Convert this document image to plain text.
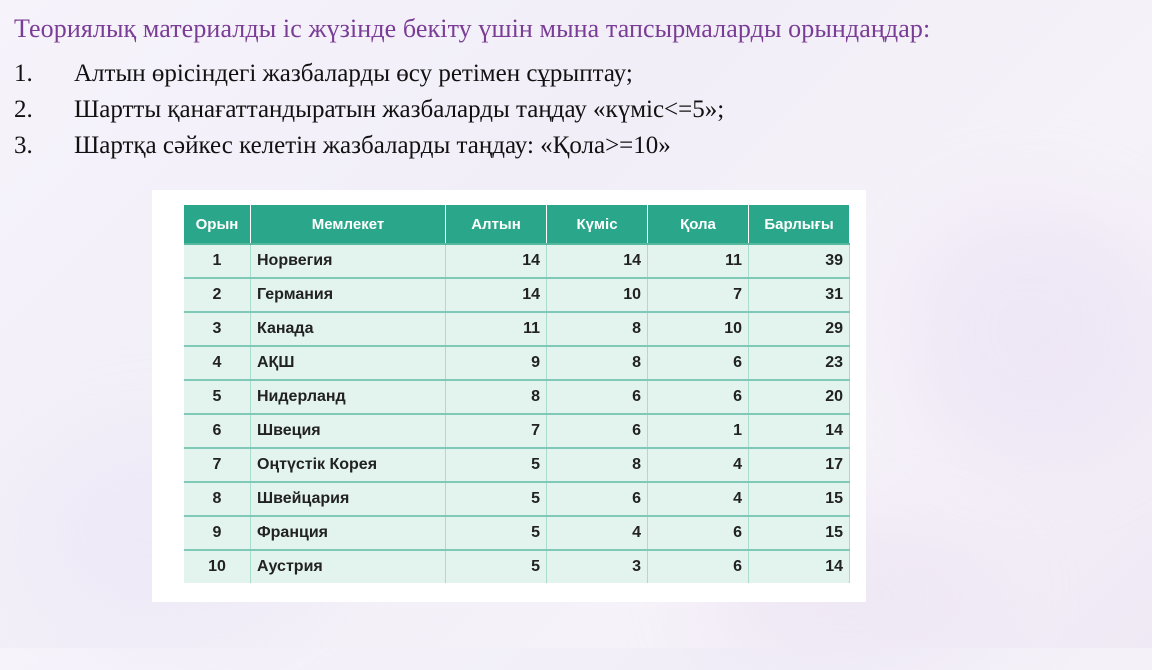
Теориялық материалды іс жүзінде бекіту үшін мына тапсырмаларды орындаңдар:
1. Алтын өрісіндегі жазбаларды өсу ретімен сұрыптау;
2. Шартты қанағаттандыратын жазбаларды таңдау «күміс<=5»;
3. Шартқа сәйкес келетін жазбаларды таңдау: «Қола>=10»
Орын	Мемлекет	Алтын	Күміс	Қола	Барлығы
1	Норвегия	14	14	11	39
2	Германия	14	10	7	31
3	Канада	11	8	10	29
4	АҚШ	9	8	6	23
5	Нидерланд	8	6	6	20
6	Швеция	7	6	1	14
7	Оңтүстік Корея	5	8	4	17
8	Швейцария	5	6	4	15
9	Франция	5	4	6	15
10	Аустрия	5	3	6	14
